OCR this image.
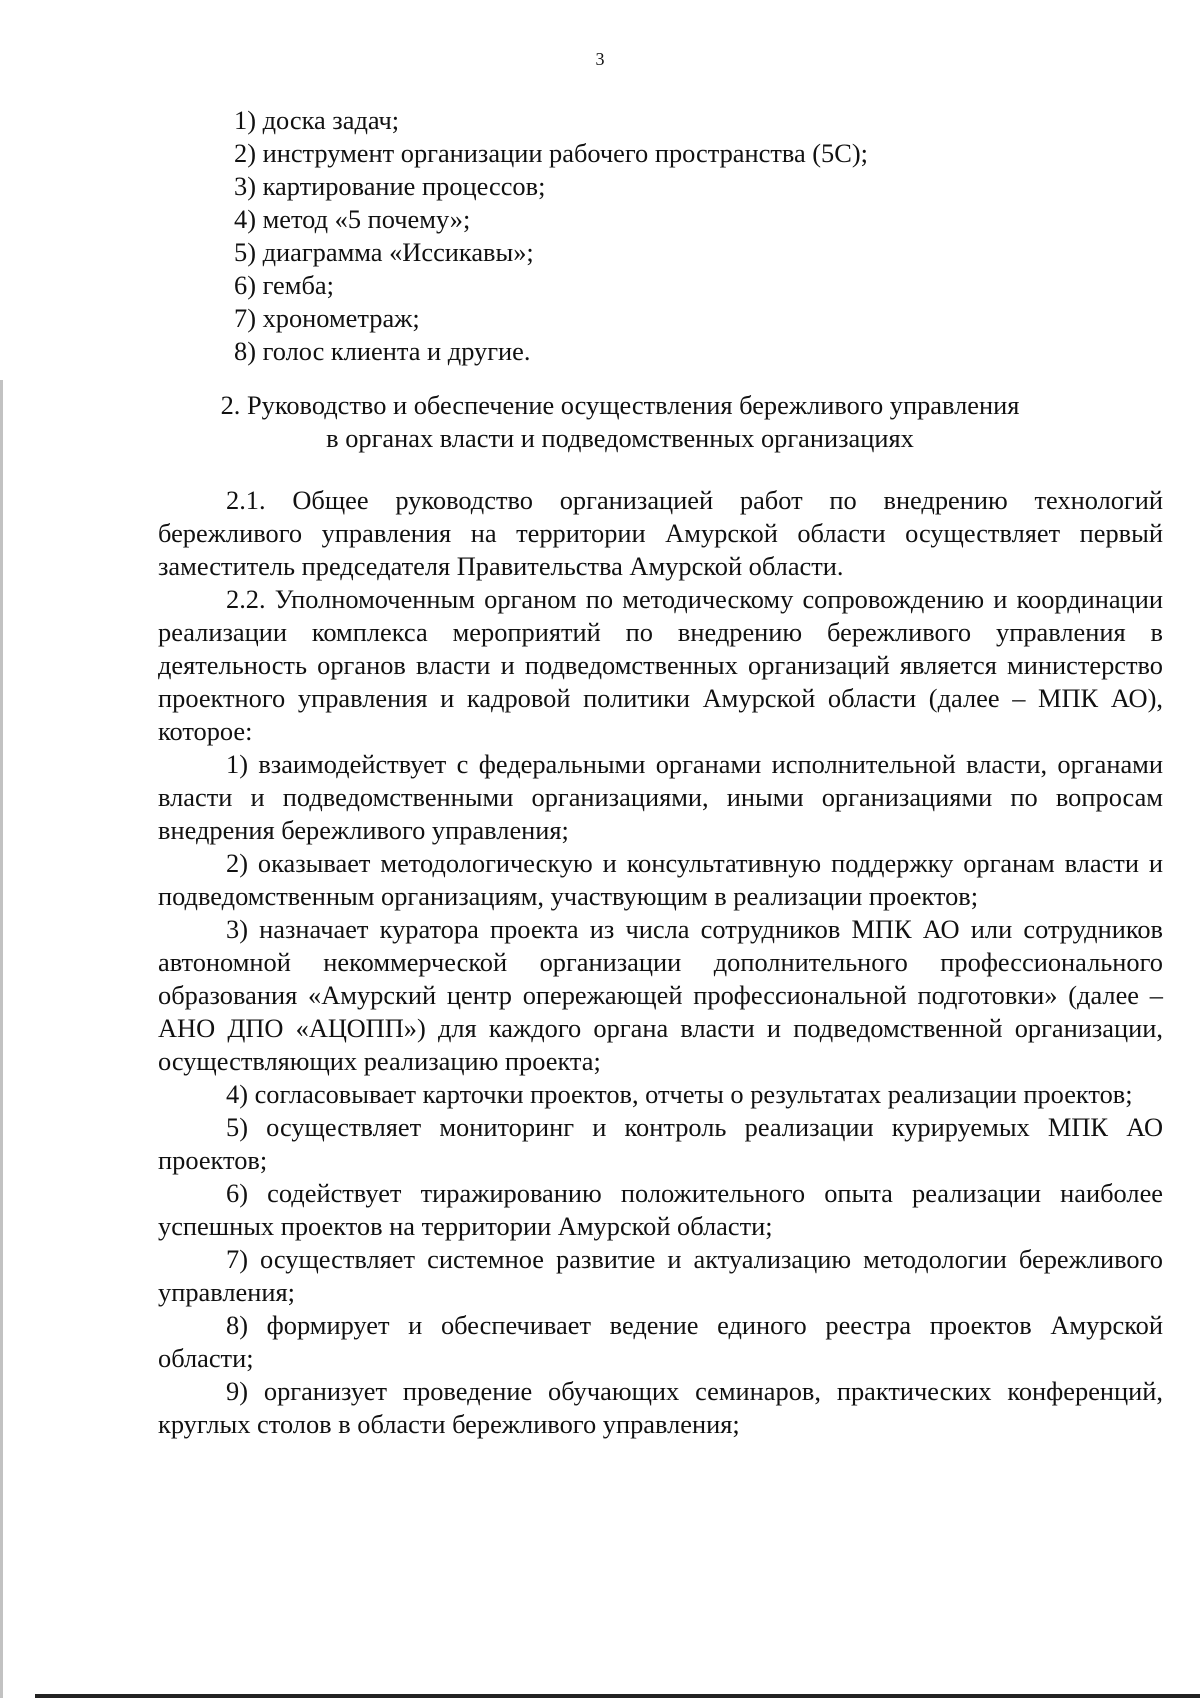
3
1) доска задач;
2) инструмент организации рабочего пространства (5С);
3) картирование процессов;
4) метод «5 почему»;
5) диаграмма «Иссикавы»;
6) гемба;
7) хронометраж;
8) голос клиента и другие.
2. Руководство и обеспечение осуществления бережливого управления
в органах власти и подведомственных организациях

2.1. Общее руководство организацией работ по внедрению технологий бережливого управления на территории Амурской области осуществляет первый заместитель председателя Правительства Амурской области.

2.2. Уполномоченным органом по методическому сопровождению и координации реализации комплекса мероприятий по внедрению бережливого управления в деятельность органов власти и подведомственных организаций является министерство проектного управления и кадровой политики Амурской области (далее – МПК АО), которое:

1) взаимодействует с федеральными органами исполнительной власти, органами власти и подведомственными организациями, иными организациями по вопросам внедрения бережливого управления;

2) оказывает методологическую и консультативную поддержку органам власти и подведомственным организациям, участвующим в реализации проектов;

3) назначает куратора проекта из числа сотрудников МПК АО или сотрудников автономной некоммерческой организации дополнительного профессионального образования «Амурский центр опережающей профессиональной подготовки» (далее – АНО ДПО «АЦОПП») для каждого органа власти и подведомственной организации, осуществляющих реализацию проекта;

4) согласовывает карточки проектов, отчеты о результатах реализации проектов;

5) осуществляет мониторинг и контроль реализации курируемых МПК АО проектов;

6) содействует тиражированию положительного опыта реализации наиболее успешных проектов на территории Амурской области;

7) осуществляет системное развитие и актуализацию методологии бережливого управления;

8) формирует и обеспечивает ведение единого реестра проектов Амурской области;

9) организует проведение обучающих семинаров, практических конференций, круглых столов в области бережливого управления;
